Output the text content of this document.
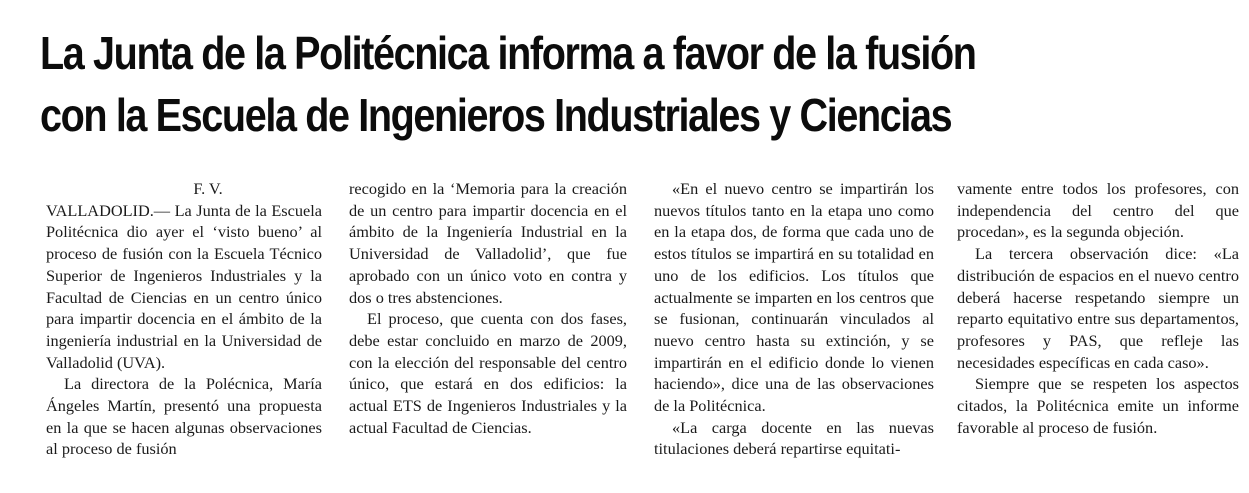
La Junta de la Politécnica informa a favor de la fusión
con la Escuela de Ingenieros Industriales y Ciencias

F. V.

VALLADOLID.— La Junta de la Escuela Politécnica dio ayer el ‘visto bueno’ al proceso de fusión con la Escuela Técnico Superior de Ingenieros Industriales y la Facultad de Ciencias en un centro único para impartir docencia en el ámbito de la ingeniería industrial en la Universidad de Valladolid (UVA).

La directora de la Polécnica, María Ángeles Martín, presentó una propuesta en la que se hacen algunas observaciones al proceso de fusión

recogido en la ‘Memoria para la creación de un centro para impartir docencia en el ámbito de la Ingeniería Industrial en la Universidad de Valladolid’, que fue aprobado con un único voto en contra y dos o tres abstenciones.

El proceso, que cuenta con dos fases, debe estar concluido en marzo de 2009, con la elección del responsable del centro único, que estará en dos edificios: la actual ETS de Ingenieros Industriales y la actual Facultad de Ciencias.

«En el nuevo centro se impartirán los nuevos títulos tanto en la etapa uno como en la etapa dos, de forma que cada uno de estos títulos se impartirá en su totalidad en uno de los edificios. Los títulos que actualmente se imparten en los centros que se fusionan, continuarán vinculados al nuevo centro hasta su extinción, y se impartirán en el edificio donde lo vienen haciendo», dice una de las observaciones de la Politécnica.

«La carga docente en las nuevas titulaciones deberá repartirse equitati-

vamente entre todos los profesores, con independencia del centro del que procedan», es la segunda objeción.

La tercera observación dice: «La distribución de espacios en el nuevo centro deberá hacerse respetando siempre un reparto equitativo entre sus departamentos, profesores y PAS, que refleje las necesidades específicas en cada caso».

Siempre que se respeten los aspectos citados, la Politécnica emite un informe favorable al proceso de fusión.
